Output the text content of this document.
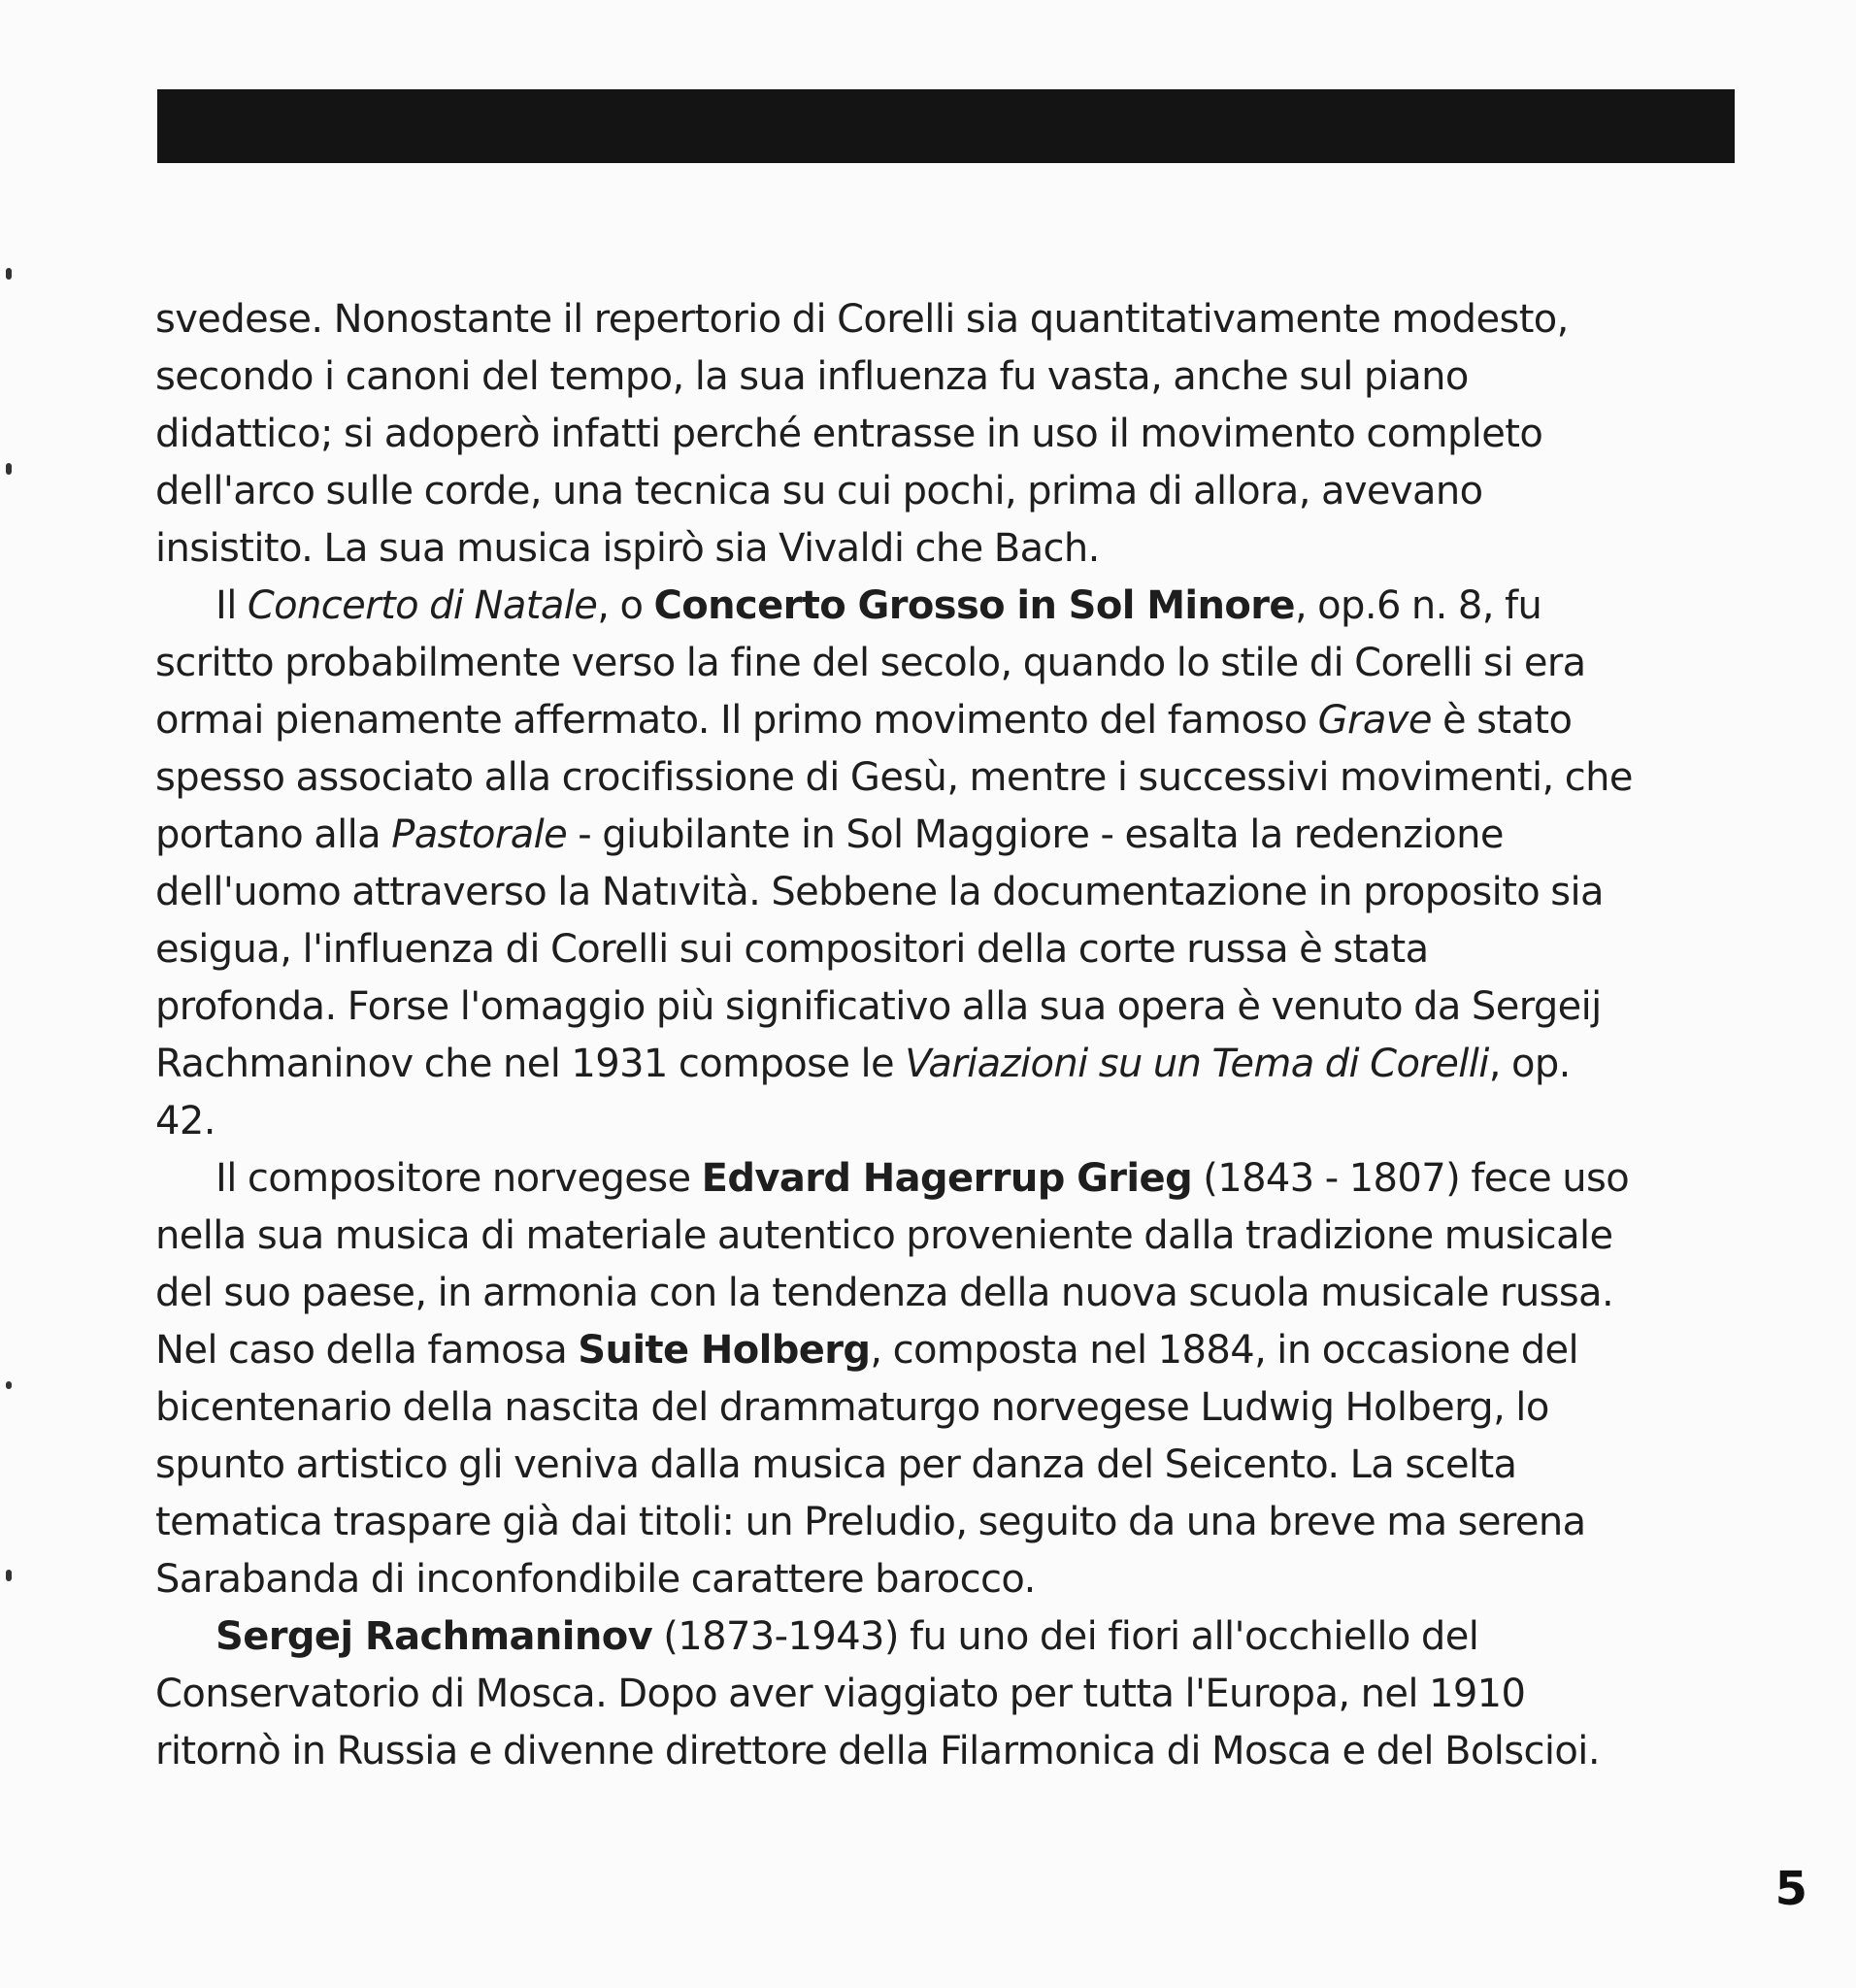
svedese. Nonostante il repertorio di Corelli sia quantitativamente modesto,
secondo i canoni del tempo, la sua influenza fu vasta, anche sul piano
didattico; si adoperò infatti perché entrasse in uso il movimento completo
dell'arco sulle corde, una tecnica su cui pochi, prima di allora, avevano
insistito. La sua musica ispirò sia Vivaldi che Bach.
Il Concerto di Natale, o Concerto Grosso in Sol Minore, op.6 n. 8, fu
scritto probabilmente verso la fine del secolo, quando lo stile di Corelli si era
ormai pienamente affermato. Il primo movimento del famoso Grave è stato
spesso associato alla crocifissione di Gesù, mentre i successivi movimenti, che
portano alla Pastorale - giubilante in Sol Maggiore - esalta la redenzione
dell'uomo attraverso la Natıvità. Sebbene la documentazione in proposito sia
esigua, l'influenza di Corelli sui compositori della corte russa è stata
profonda. Forse l'omaggio più significativo alla sua opera è venuto da Sergeij
Rachmaninov che nel 1931 compose le Variazioni su un Tema di Corelli, op.
42.
Il compositore norvegese Edvard Hagerrup Grieg (1843 - 1807) fece uso
nella sua musica di materiale autentico proveniente dalla tradizione musicale
del suo paese, in armonia con la tendenza della nuova scuola musicale russa.
Nel caso della famosa Suite Holberg, composta nel 1884, in occasione del
bicentenario della nascita del drammaturgo norvegese Ludwig Holberg, lo
spunto artistico gli veniva dalla musica per danza del Seicento. La scelta
tematica traspare già dai titoli: un Preludio, seguito da una breve ma serena
Sarabanda di inconfondibile carattere barocco.
Sergej Rachmaninov (1873-1943) fu uno dei fiori all'occhiello del
Conservatorio di Mosca. Dopo aver viaggiato per tutta l'Europa, nel 1910
ritornò in Russia e divenne direttore della Filarmonica di Mosca e del Bolscioi.
5
